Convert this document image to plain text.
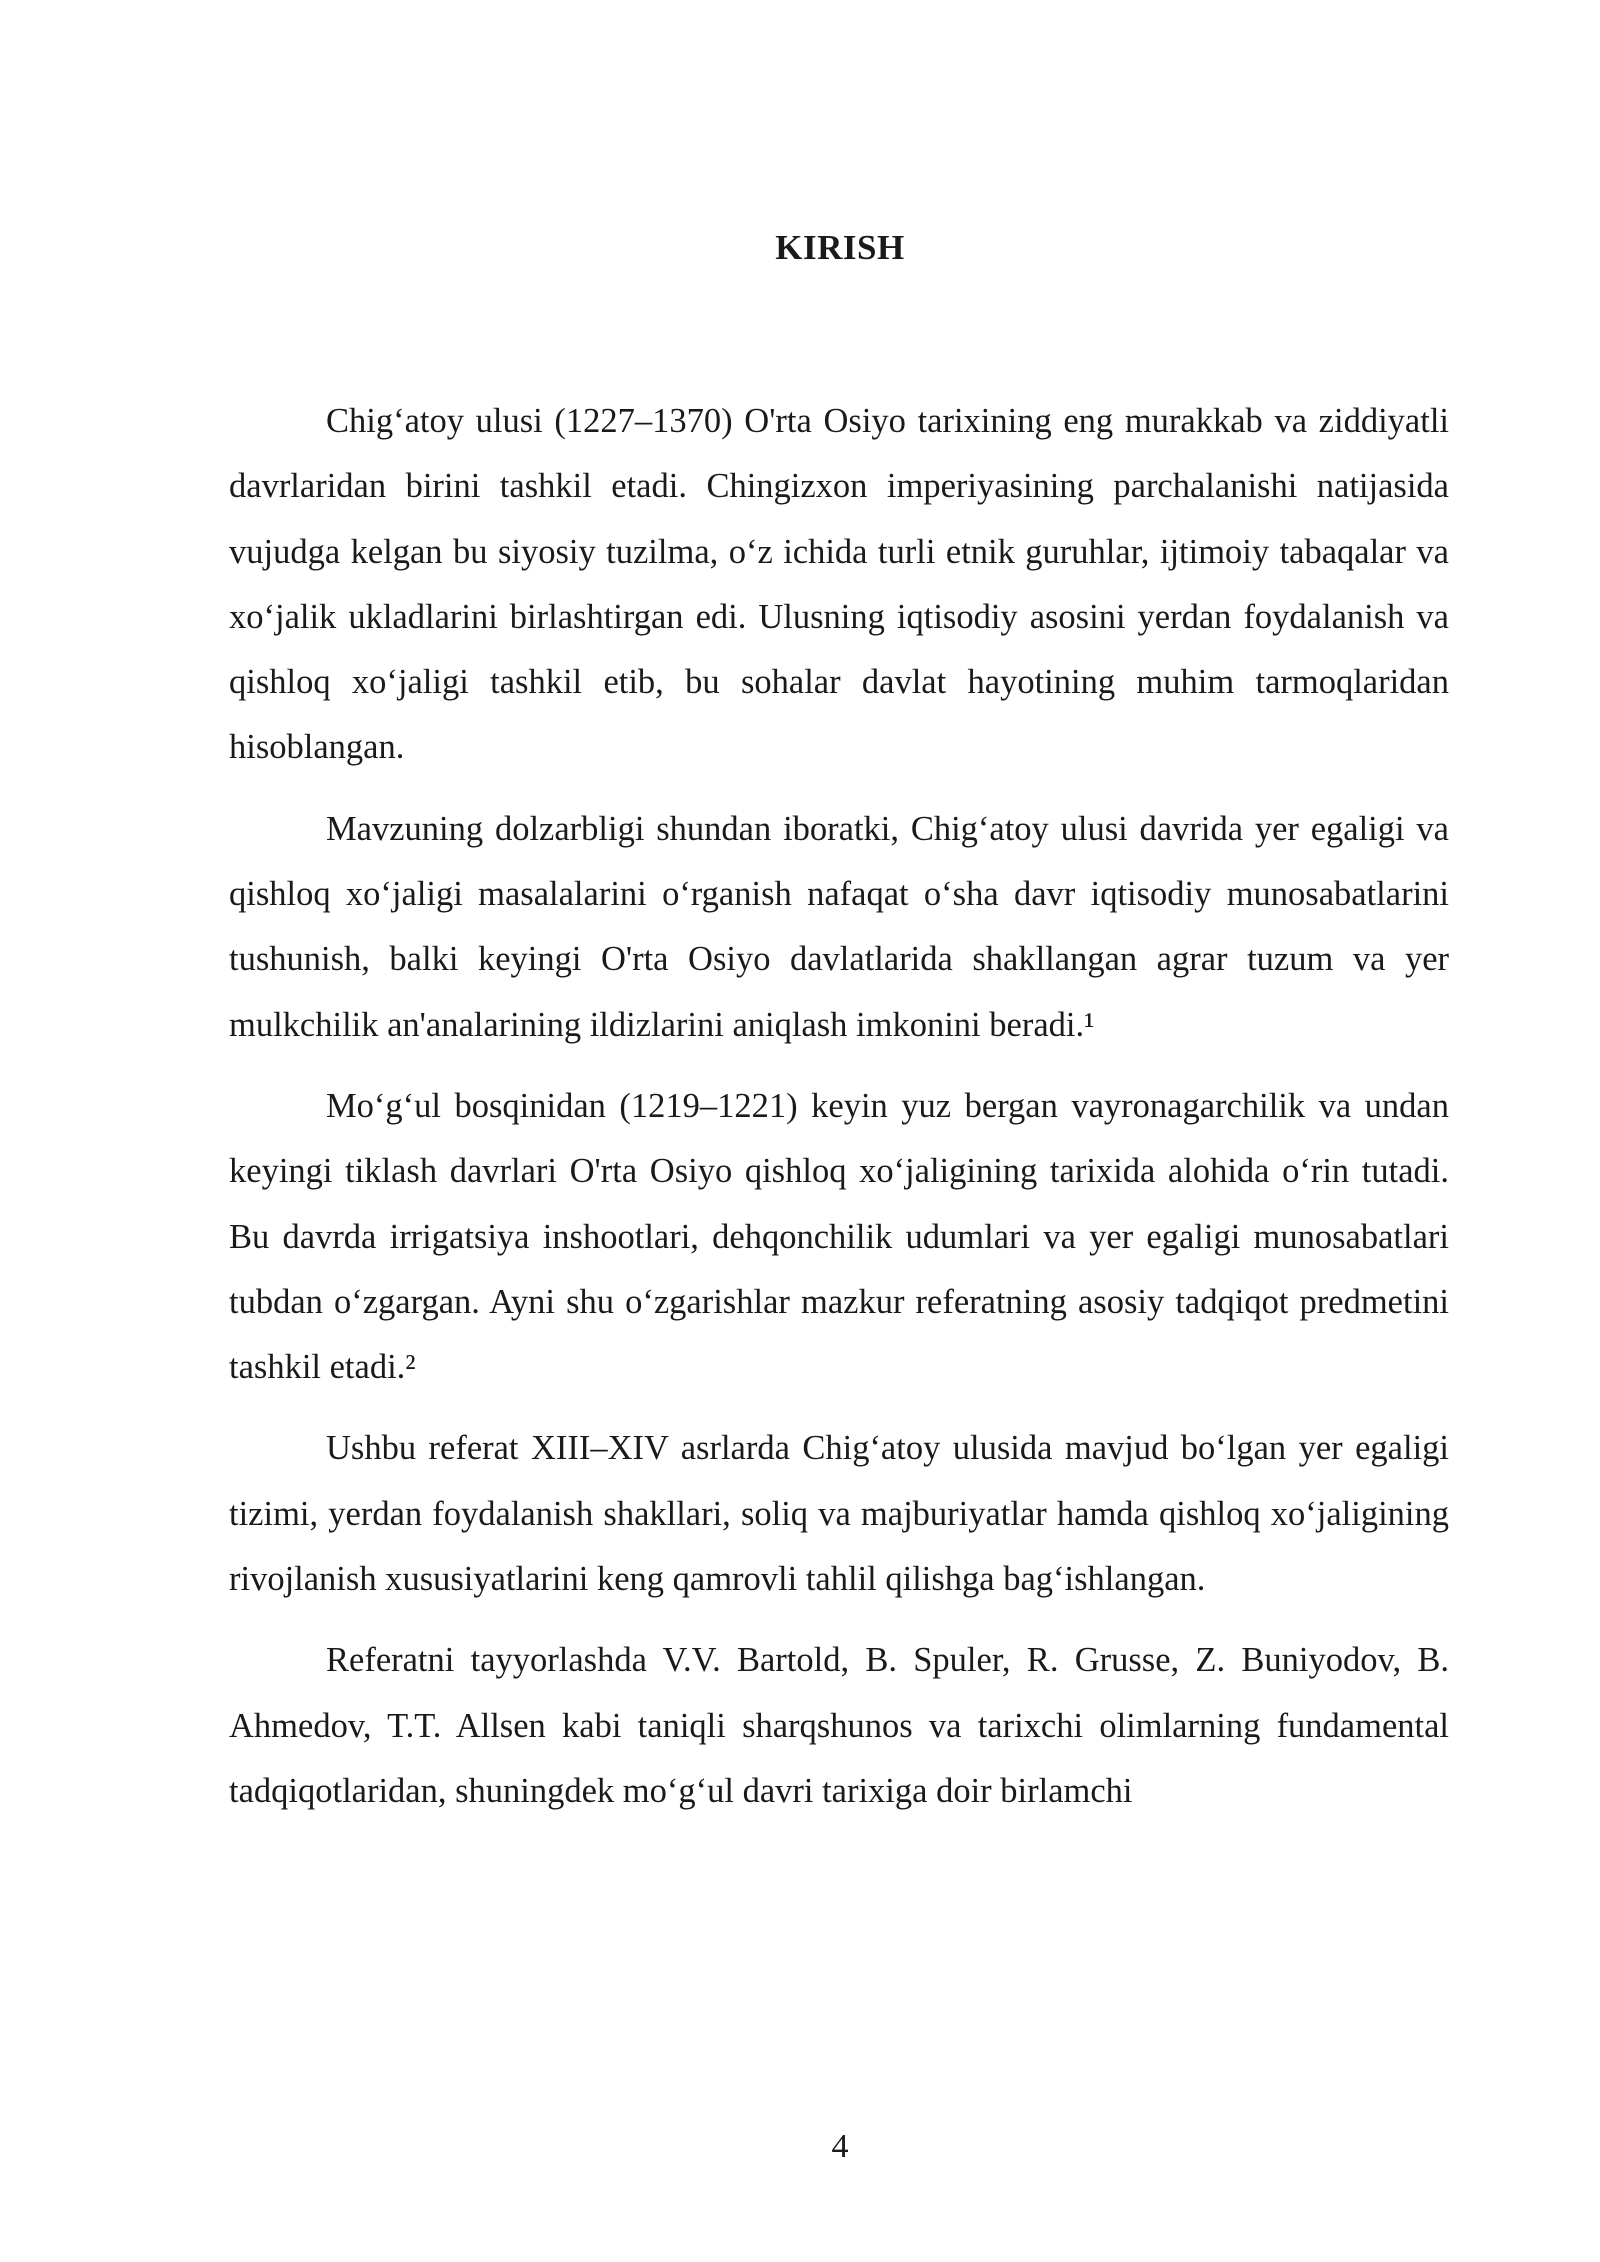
KIRISH

Chig‘atoy ulusi (1227–1370) O'rta Osiyo tarixining eng murakkab va ziddiyatli davrlaridan birini tashkil etadi. Chingizxon imperiyasining parchalanishi natijasida vujudga kelgan bu siyosiy tuzilma, o‘z ichida turli etnik guruhlar, ijtimoiy tabaqalar va xo‘jalik ukladlarini birlashtirgan edi. Ulusning iqtisodiy asosini yerdan foydalanish va qishloq xo‘jaligi tashkil etib, bu sohalar davlat hayotining muhim tarmoqlaridan hisoblangan.

Mavzuning dolzarbligi shundan iboratki, Chig‘atoy ulusi davrida yer egaligi va qishloq xo‘jaligi masalalarini o‘rganish nafaqat o‘sha davr iqtisodiy munosabatlarini tushunish, balki keyingi O'rta Osiyo davlatlarida shakllangan agrar tuzum va yer mulkchilik an'analarining ildizlarini aniqlash imkonini beradi.¹

Mo‘g‘ul bosqinidan (1219–1221) keyin yuz bergan vayronagarchilik va undan keyingi tiklash davrlari O'rta Osiyo qishloq xo‘jaligining tarixida alohida o‘rin tutadi. Bu davrda irrigatsiya inshootlari, dehqonchilik udumlari va yer egaligi munosabatlari tubdan o‘zgargan. Ayni shu o‘zgarishlar mazkur referatning asosiy tadqiqot predmetini tashkil etadi.²

Ushbu referat XIII–XIV asrlarda Chig‘atoy ulusida mavjud bo‘lgan yer egaligi tizimi, yerdan foydalanish shakllari, soliq va majburiyatlar hamda qishloq xo‘jaligining rivojlanish xususiyatlarini keng qamrovli tahlil qilishga bag‘ishlangan.

Referatni tayyorlashda V.V. Bartold, B. Spuler, R. Grusse, Z. Buniyodov, B. Ahmedov, T.T. Allsen kabi taniqli sharqshunos va tarixchi olimlarning fundamental tadqiqotlaridan, shuningdek mo‘g‘ul davri tarixiga doir birlamchi

4
